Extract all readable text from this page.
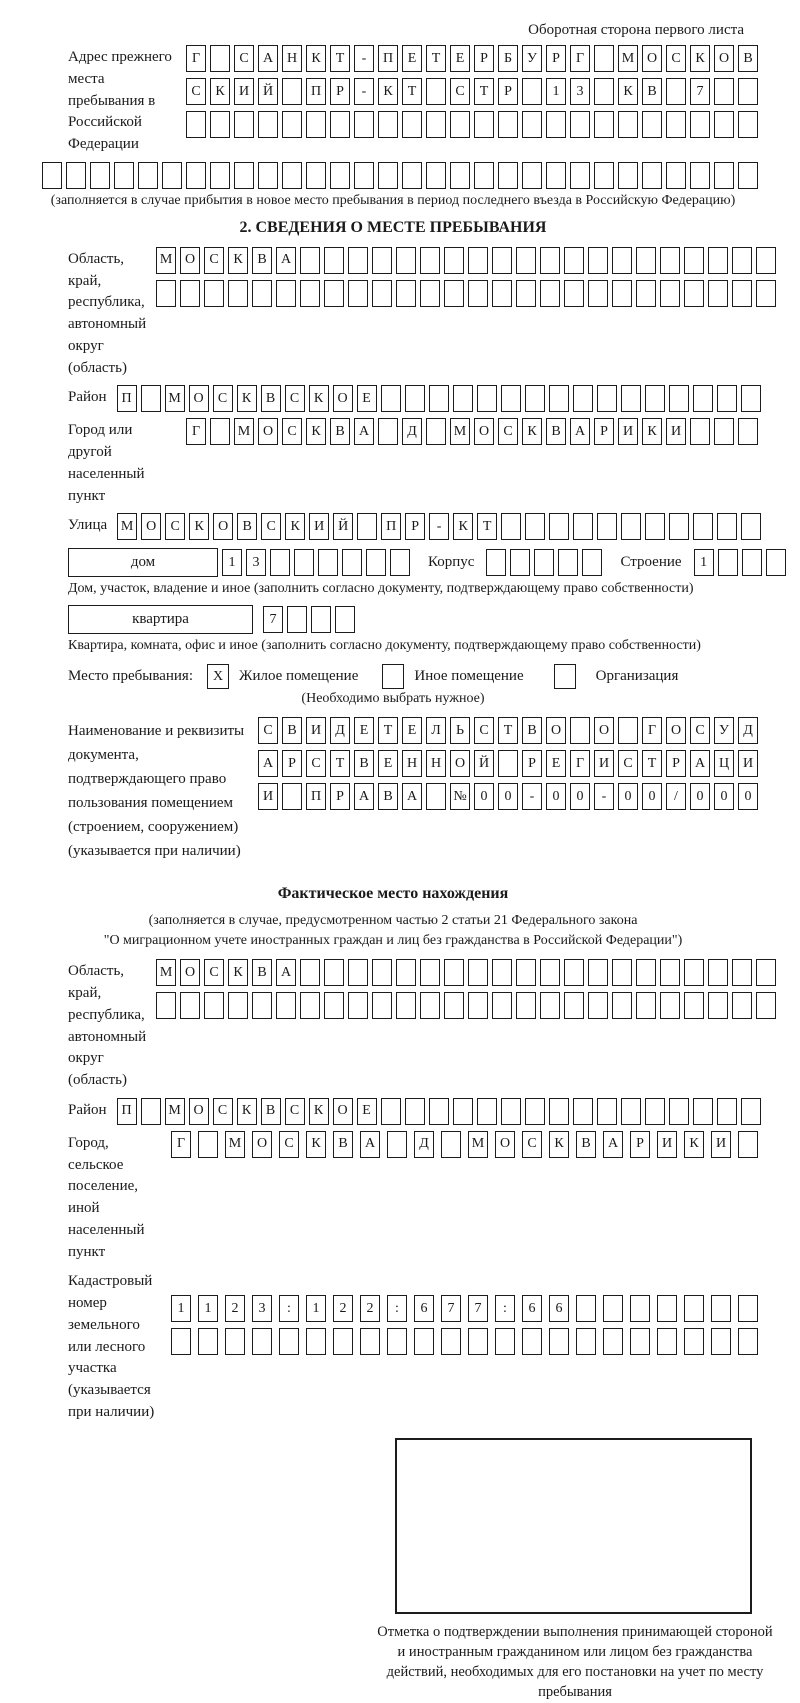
Оборотная сторона первого листа
Адрес прежнего места пребывания в Российской Федерации
Г	С	А Н	К	Т	-	П	Е	Т	Е	Р	Б	У	Р	Г	М О	С	К	О	В
С	К	И Й	П	Р	-	К	Т	С	Т	Р	1	3	К	В	7
(заполняется в случае прибытия в новое место пребывания в период последнего въезда в Российскую Федерацию)
2. СВЕДЕНИЯ О МЕСТЕ ПРЕБЫВАНИЯ
Область, край, республика, автономный округ (область)
М О	С	К	В	А
Район	П	М О	С	К	В	С	К	О	Е
Город или другой населенный пункт
Г	М О	С	К	В	А	Д	М О	С	К	В	А	Р	И	К	И
Улица М О	С	К	О	В	С	К	И Й	П	Р	-	К	Т
дом	1	3	Корпус	Строение	1
Дом, участок, владение и иное (заполнить согласно документу, подтверждающему право собственности)
квартира	7
Квартира, комната, офис и иное (заполнить согласно документу, подтверждающему право собственности)
Место пребывания:	X	Жилое помещение	Иное помещение	Организация
(Необходимо выбрать нужное)
Наименование и реквизиты документа, подтверждающего право пользования помещением (строением, сооружением) (указывается при наличии)
С	В	И	Д	Е	Т	Е	Л	Ь	С	Т	В	О	О	Г	О	С	У	Д
А	Р	С	Т	В	Е	Н Н О Й	Р	Е	Г	И	С	Т	Р	А Ц И
И	П	Р	А	В	А	№ 0	0	-	0	0	-	0	0	/	0	0	0
Фактическое место нахождения
(заполняется в случае, предусмотренном частью 2 статьи 21 Федерального закона
"О миграционном учете иностранных граждан и лиц без гражданства в Российской Федерации")
Область, край, республика, автономный округ (область)
М О	С	К	В	А
Район	П	М О	С	К	В	С	К	О	Е
Город, сельское поселение, иной населенный пункт
Г	М	О	С	К	В	А	Д	М	О	С	К	В	А	Р	И	К	И
Кадастровый номер земельного или лесного участка (указывается при наличии)
1	1	2	3	:	1	2	2	:	6	7	7	:	6	6
Отметка о подтверждении выполнения принимающей стороной и иностранным гражданином или лицом без гражданства действий, необходимых для его постановки на учет по месту пребывания
